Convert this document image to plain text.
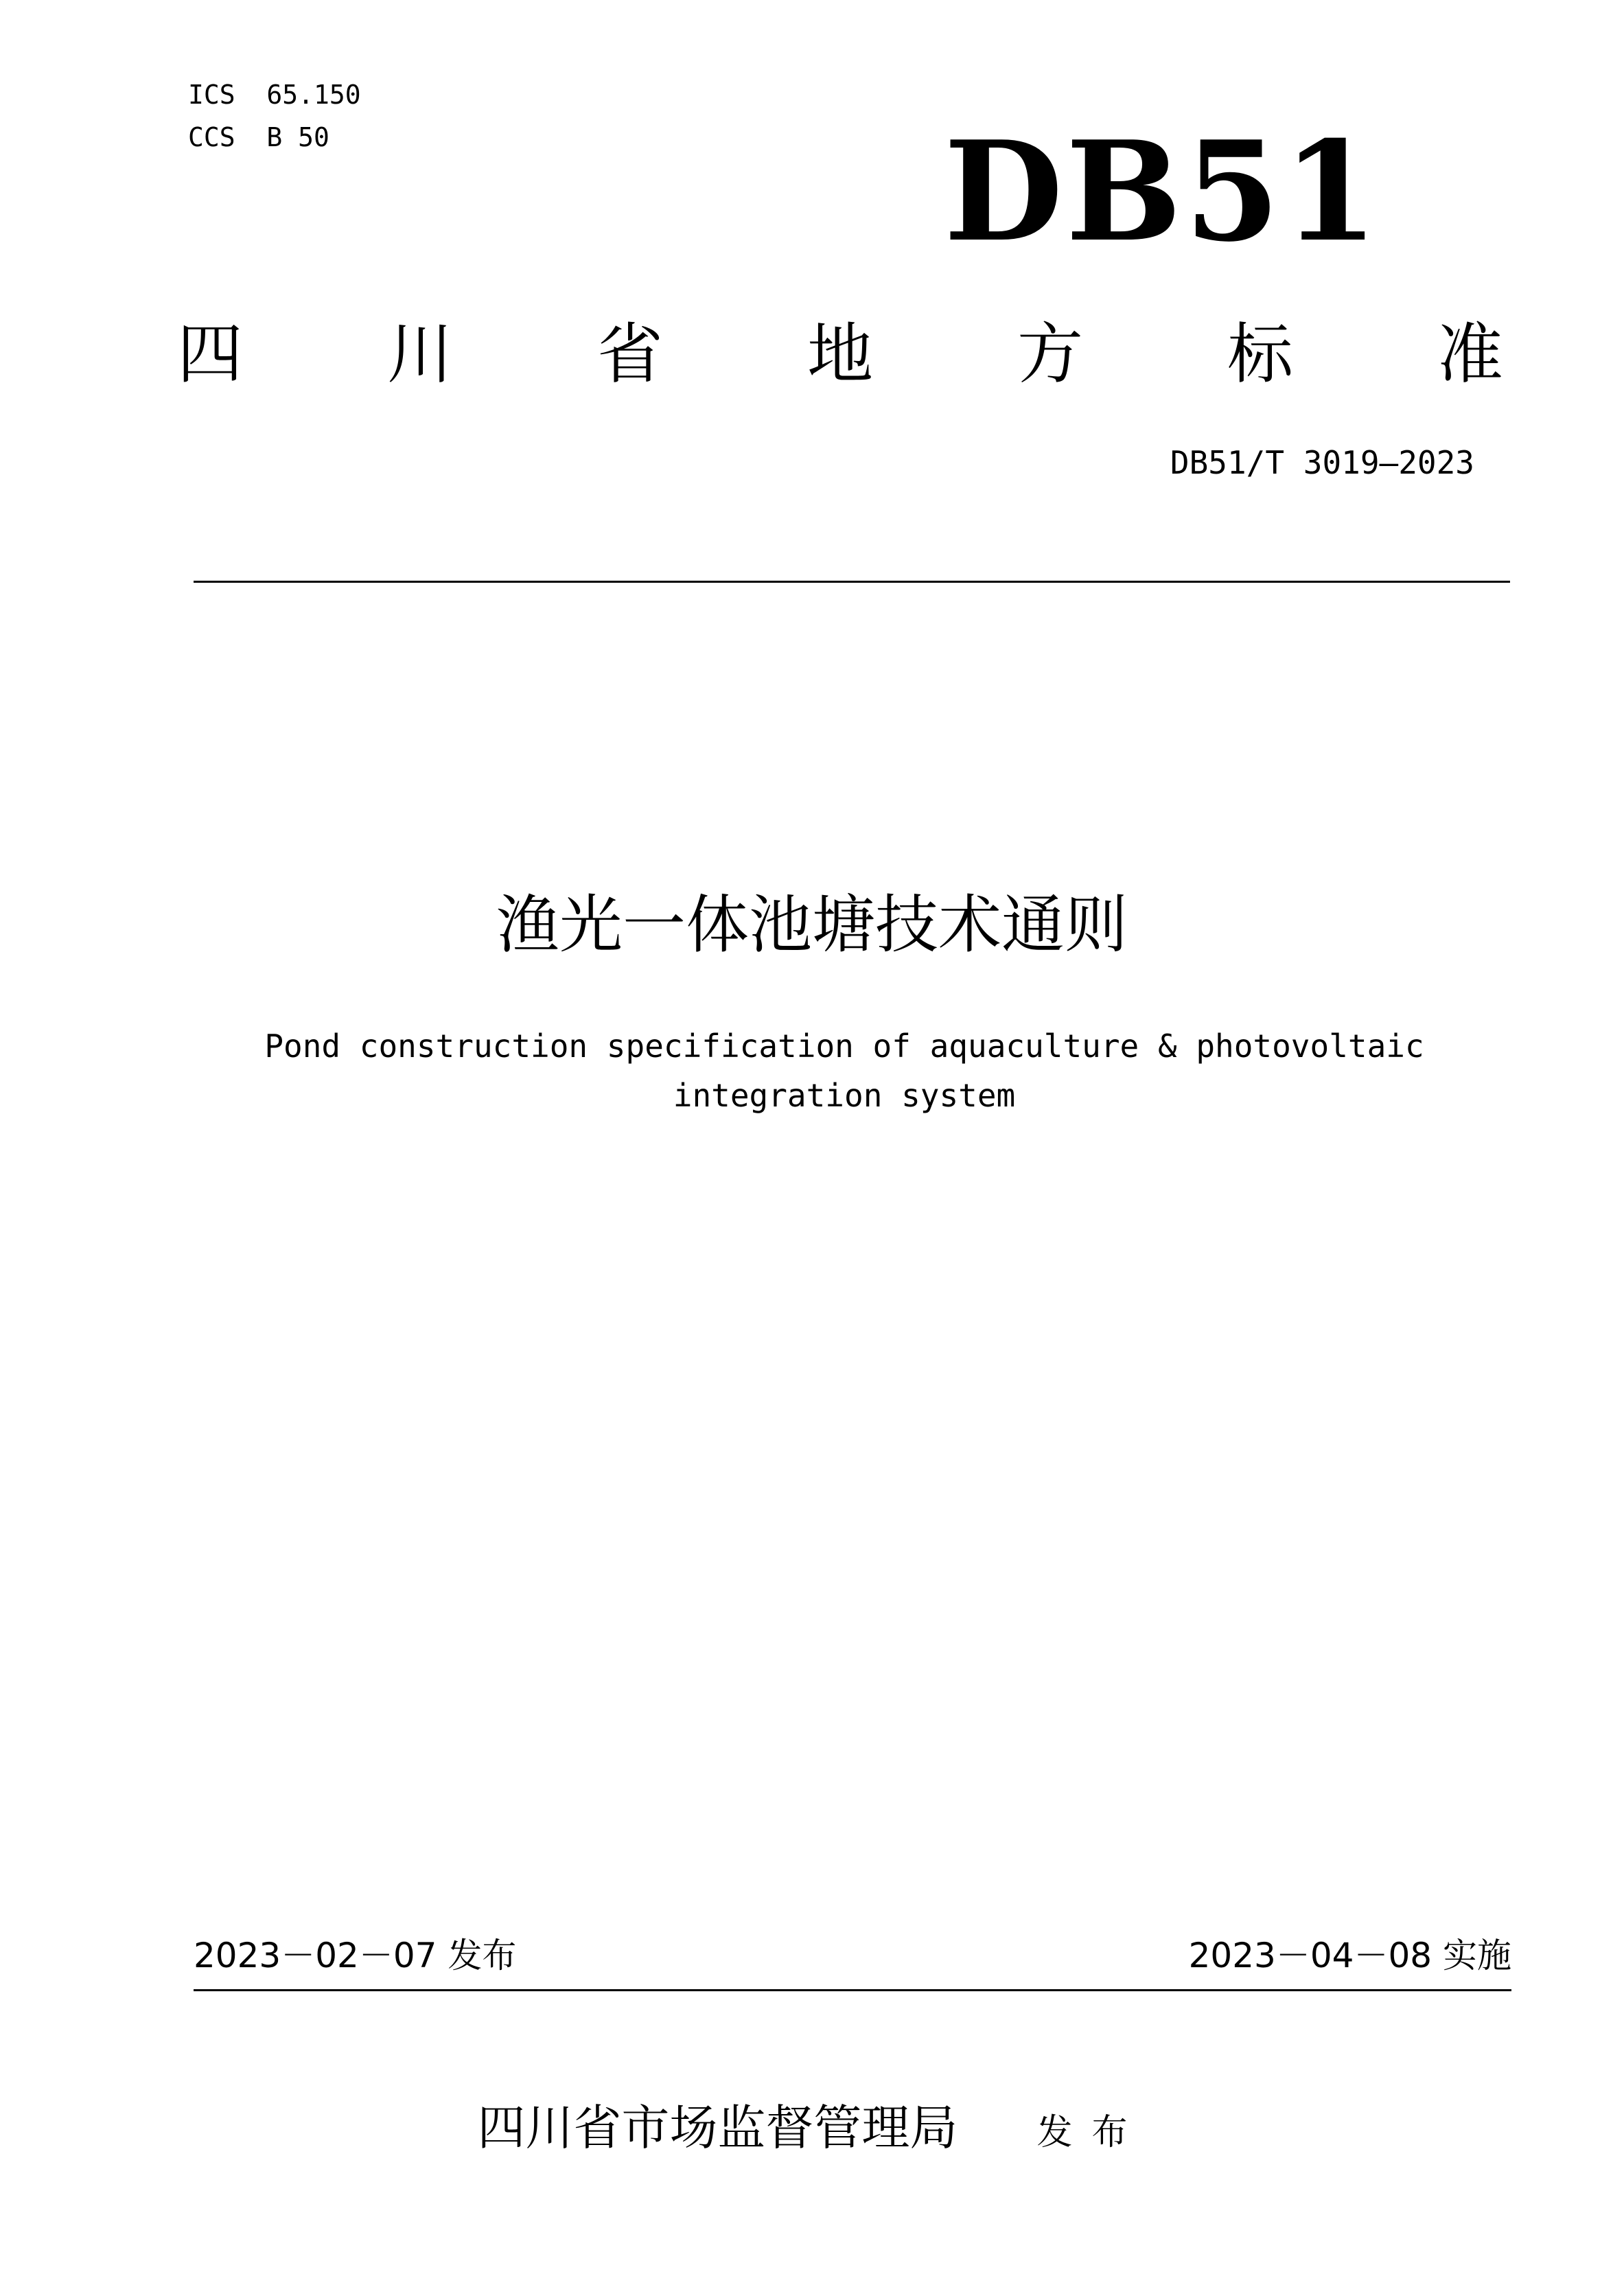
ICS  65.150
CCS  B 50	DB51
四 川 省 地 方 标 准
DB51/T 3019—2023
渔光一体池塘技术通则
Pond construction specification of aquaculture & photovoltaic
integration system
2023－02－07 发布	2023－04－08 实施
四川省市场监督管理局 发布
